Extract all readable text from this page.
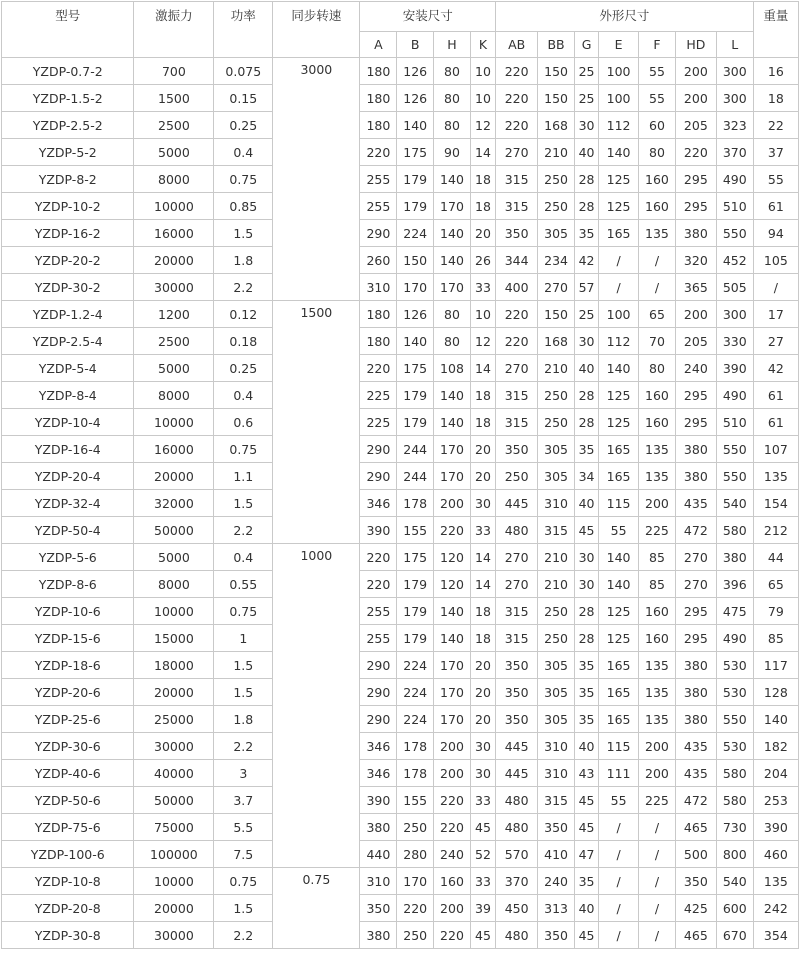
型号	激振力	功率	同步转速	安装尺寸				外形尺寸							重量
				A	B	H	K	AB	BB	G	E	F	HD	L	
YZDP-0.7-2	700	0.075	3000	180	126	80	10	220	150	25	100	55	200	300	16
YZDP-1.5-2	1500	0.15		180	126	80	10	220	150	25	100	55	200	300	18
YZDP-2.5-2	2500	0.25		180	140	80	12	220	168	30	112	60	205	323	22
YZDP-5-2	5000	0.4		220	175	90	14	270	210	40	140	80	220	370	37
YZDP-8-2	8000	0.75		255	179	140	18	315	250	28	125	160	295	490	55
YZDP-10-2	10000	0.85		255	179	170	18	315	250	28	125	160	295	510	61
YZDP-16-2	16000	1.5		290	224	140	20	350	305	35	165	135	380	550	94
YZDP-20-2	20000	1.8		260	150	140	26	344	234	42	/	/	320	452	105
YZDP-30-2	30000	2.2		310	170	170	33	400	270	57	/	/	365	505	/
YZDP-1.2-4	1200	0.12	1500	180	126	80	10	220	150	25	100	65	200	300	17
YZDP-2.5-4	2500	0.18		180	140	80	12	220	168	30	112	70	205	330	27
YZDP-5-4	5000	0.25		220	175	108	14	270	210	40	140	80	240	390	42
YZDP-8-4	8000	0.4		225	179	140	18	315	250	28	125	160	295	490	61
YZDP-10-4	10000	0.6		225	179	140	18	315	250	28	125	160	295	510	61
YZDP-16-4	16000	0.75		290	244	170	20	350	305	35	165	135	380	550	107
YZDP-20-4	20000	1.1		290	244	170	20	250	305	34	165	135	380	550	135
YZDP-32-4	32000	1.5		346	178	200	30	445	310	40	115	200	435	540	154
YZDP-50-4	50000	2.2		390	155	220	33	480	315	45	55	225	472	580	212
YZDP-5-6	5000	0.4	1000	220	175	120	14	270	210	30	140	85	270	380	44
YZDP-8-6	8000	0.55		220	179	120	14	270	210	30	140	85	270	396	65
YZDP-10-6	10000	0.75		255	179	140	18	315	250	28	125	160	295	475	79
YZDP-15-6	15000	1		255	179	140	18	315	250	28	125	160	295	490	85
YZDP-18-6	18000	1.5		290	224	170	20	350	305	35	165	135	380	530	117
YZDP-20-6	20000	1.5		290	224	170	20	350	305	35	165	135	380	530	128
YZDP-25-6	25000	1.8		290	224	170	20	350	305	35	165	135	380	550	140
YZDP-30-6	30000	2.2		346	178	200	30	445	310	40	115	200	435	530	182
YZDP-40-6	40000	3		346	178	200	30	445	310	43	111	200	435	580	204
YZDP-50-6	50000	3.7		390	155	220	33	480	315	45	55	225	472	580	253
YZDP-75-6	75000	5.5		380	250	220	45	480	350	45	/	/	465	730	390
YZDP-100-6	100000	7.5		440	280	240	52	570	410	47	/	/	500	800	460
YZDP-10-8	10000	0.75	0.75	310	170	160	33	370	240	35	/	/	350	540	135
YZDP-20-8	20000	1.5		350	220	200	39	450	313	40	/	/	425	600	242
YZDP-30-8	30000	2.2		380	250	220	45	480	350	45	/	/	465	670	354
